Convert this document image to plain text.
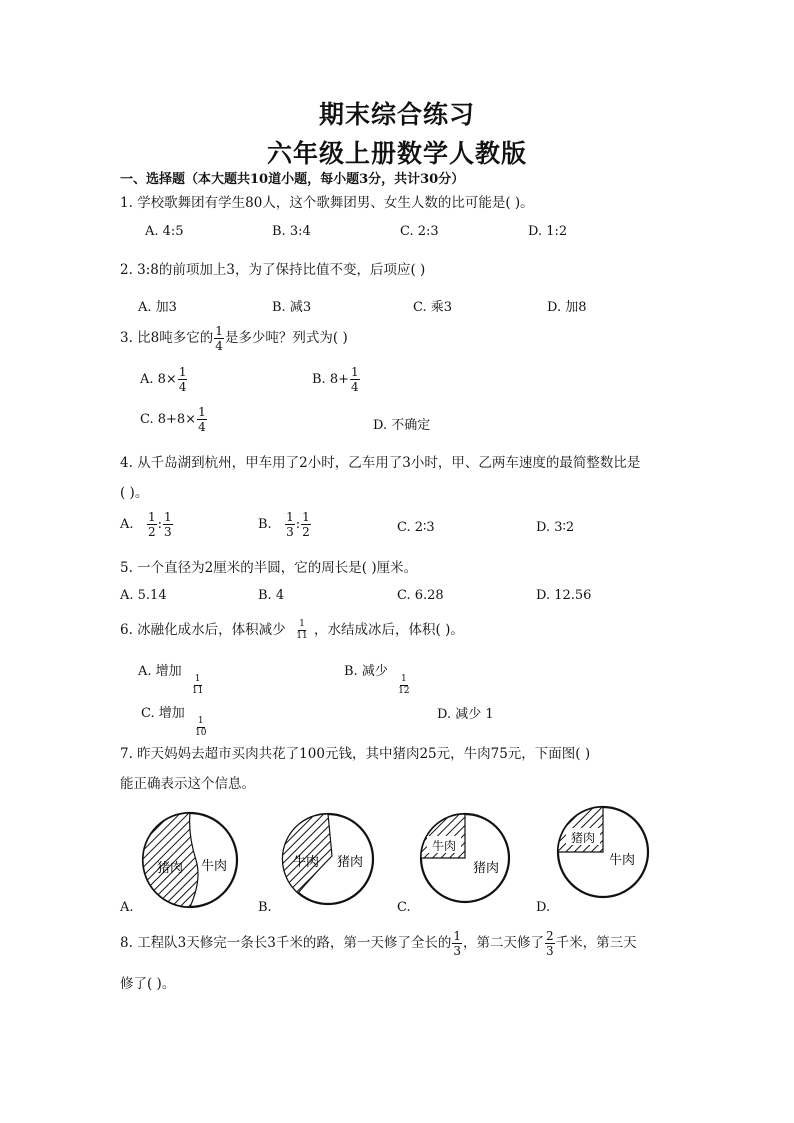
期末综合练习
六年级上册数学人教版
一、选择题（本大题共10道小题，每小题3分，共计30分）
1. 学校歌舞团有学生80人，这个歌舞团男、女生人数的比可能是( )。
A. 4:5	B. 3:4	C. 2:3	D. 1:2
2. 3:8的前项加上3，为了保持比值不变，后项应( )
A. 加3	B. 减3	C. 乘3	D. 加8
3. 比8吨多它的 $\frac{1}{4}$ 是多少吨？列式为( )
A. $8\times \frac{1}{4}$	B. $8+ \frac{1}{4}$
C. $8+8\times \frac{1}{4}$	D. 不确定
4. 从千岛湖到杭州，甲车用了2小时，乙车用了3小时，甲、乙两车速度的最简整数比是
( )。
A. $\frac{1}{2}$ : $\frac{1}{3}$	B. $\frac{1}{3}$ : $\frac{1}{2}$	C. 2∶3	D. 3∶2
5. 一个直径为2厘米的半圆，它的周长是( )厘米。
A. 5.14	B. 4	C. 6.28	D. 12.56
6. 冰融化成水后，体积减少 $\frac{1}{11}$ ，水结成冰后，体积( )。
A. 增加
$\frac{1}{11}$
B. 减少
$\frac{1}{12}$
C. 增加
$\frac{1}{10}$
D. 减少 1
7. 昨天妈妈去超市买肉共花了100元钱，其中猪肉25元，牛肉75元，下面图( )
能正确表示这个信息。
猪肉 牛肉	牛肉 猪肉
牛肉
猪肉
猪肉
牛肉
A.	B.	C.	D.
8. 工程队3天修完一条长3千米的路，第一天修了全长的 $\frac{1}{3}$ ，第二天修了 $\frac{2}{3}$ 千米，第三天
修了( )。
